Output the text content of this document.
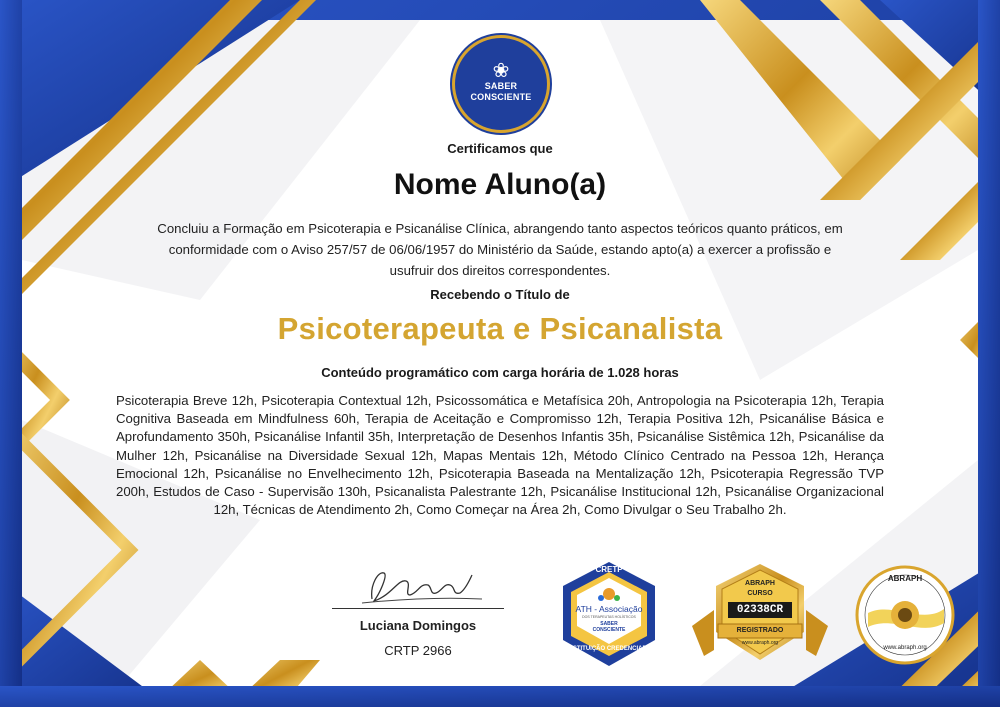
❀
SABER
CONSCIENTE
Certificamos que
Nome Aluno(a)
Concluiu a Formação em Psicoterapia e Psicanálise Clínica, abrangendo tanto aspectos teóricos quanto práticos, em conformidade com o Aviso 257/57 de 06/06/1957 do Ministério da Saúde, estando apto(a) a exercer a profissão e usufruir dos direitos correspondentes.
Recebendo o Título de
Psicoterapeuta e Psicanalista
Conteúdo programático com carga horária de 1.028 horas
Psicoterapia Breve 12h, Psicoterapia Contextual 12h, Psicossomática e Metafísica 20h, Antropologia na Psicoterapia 12h, Terapia Cognitiva Baseada em Mindfulness 60h, Terapia de Aceitação e Compromisso 12h, Terapia Positiva 12h, Psicanálise Básica e Aprofundamento 350h, Psicanálise Infantil 35h, Interpretação de Desenhos Infantis 35h, Psicanálise Sistêmica 12h, Psicanálise da Mulher 12h, Psicanálise na Diversidade Sexual 12h, Mapas Mentais 12h, Método Clínico Centrado na Pessoa 12h, Herança Emocional 12h, Psicanálise no Envelhecimento 12h, Psicoterapia Baseada na Mentalização 12h, Psicoterapia Regressão TVP 200h, Estudos de Caso - Supervisão 130h, Psicanalista Palestrante 12h, Psicanálise Institucional 12h, Psicanálise Organizacional 12h, Técnicas de Atendimento 2h, Como Começar na Área 2h, Como Divulgar o Seu Trabalho 2h.
Luciana Domingos
CRTP 2966
CRETP
ATH - Associação
DOS TERAPEUTAS HOLÍSTICOS
SABER
CONSCIENTE
INSTITUIÇÃO CREDENCIADA
ABRAPH
CURSO
02338CR
REGISTRADO
www.abraph.org
ABRAPH
www.abraph.org
